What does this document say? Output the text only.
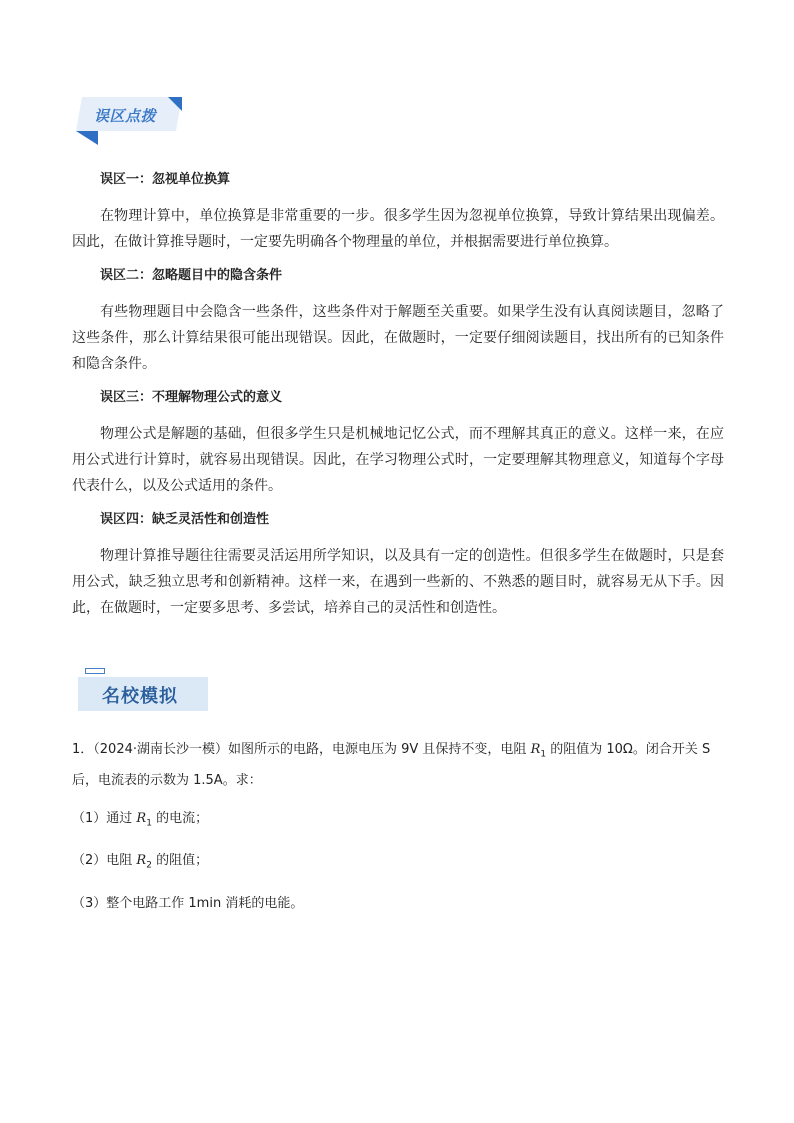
误区点拨

误区一：忽视单位换算

在物理计算中，单位换算是非常重要的一步。很多学生因为忽视单位换算，导致计算结果出现偏差。因此，在做计算推导题时，一定要先明确各个物理量的单位，并根据需要进行单位换算。

误区二：忽略题目中的隐含条件

有些物理题目中会隐含一些条件，这些条件对于解题至关重要。如果学生没有认真阅读题目，忽略了这些条件，那么计算结果很可能出现错误。因此，在做题时，一定要仔细阅读题目，找出所有的已知条件和隐含条件。

误区三：不理解物理公式的意义

物理公式是解题的基础，但很多学生只是机械地记忆公式，而不理解其真正的意义。这样一来，在应用公式进行计算时，就容易出现错误。因此，在学习物理公式时，一定要理解其物理意义，知道每个字母代表什么，以及公式适用的条件。

误区四：缺乏灵活性和创造性

物理计算推导题往往需要灵活运用所学知识，以及具有一定的创造性。但很多学生在做题时，只是套用公式，缺乏独立思考和创新精神。这样一来，在遇到一些新的、不熟悉的题目时，就容易无从下手。因此，在做题时，一定要多思考、多尝试，培养自己的灵活性和创造性。

名校模拟

1．（2024·湖南长沙一模）如图所示的电路，电源电压为 9V 且保持不变，电阻 $R_1$ 的阻值为 10Ω。闭合开关 S
后，电流表的示数为 1.5A。求：

（1）通过 $R_1$ 的电流；

（2）电阻 $R_2$ 的阻值；

（3）整个电路工作 1min 消耗的电能。
